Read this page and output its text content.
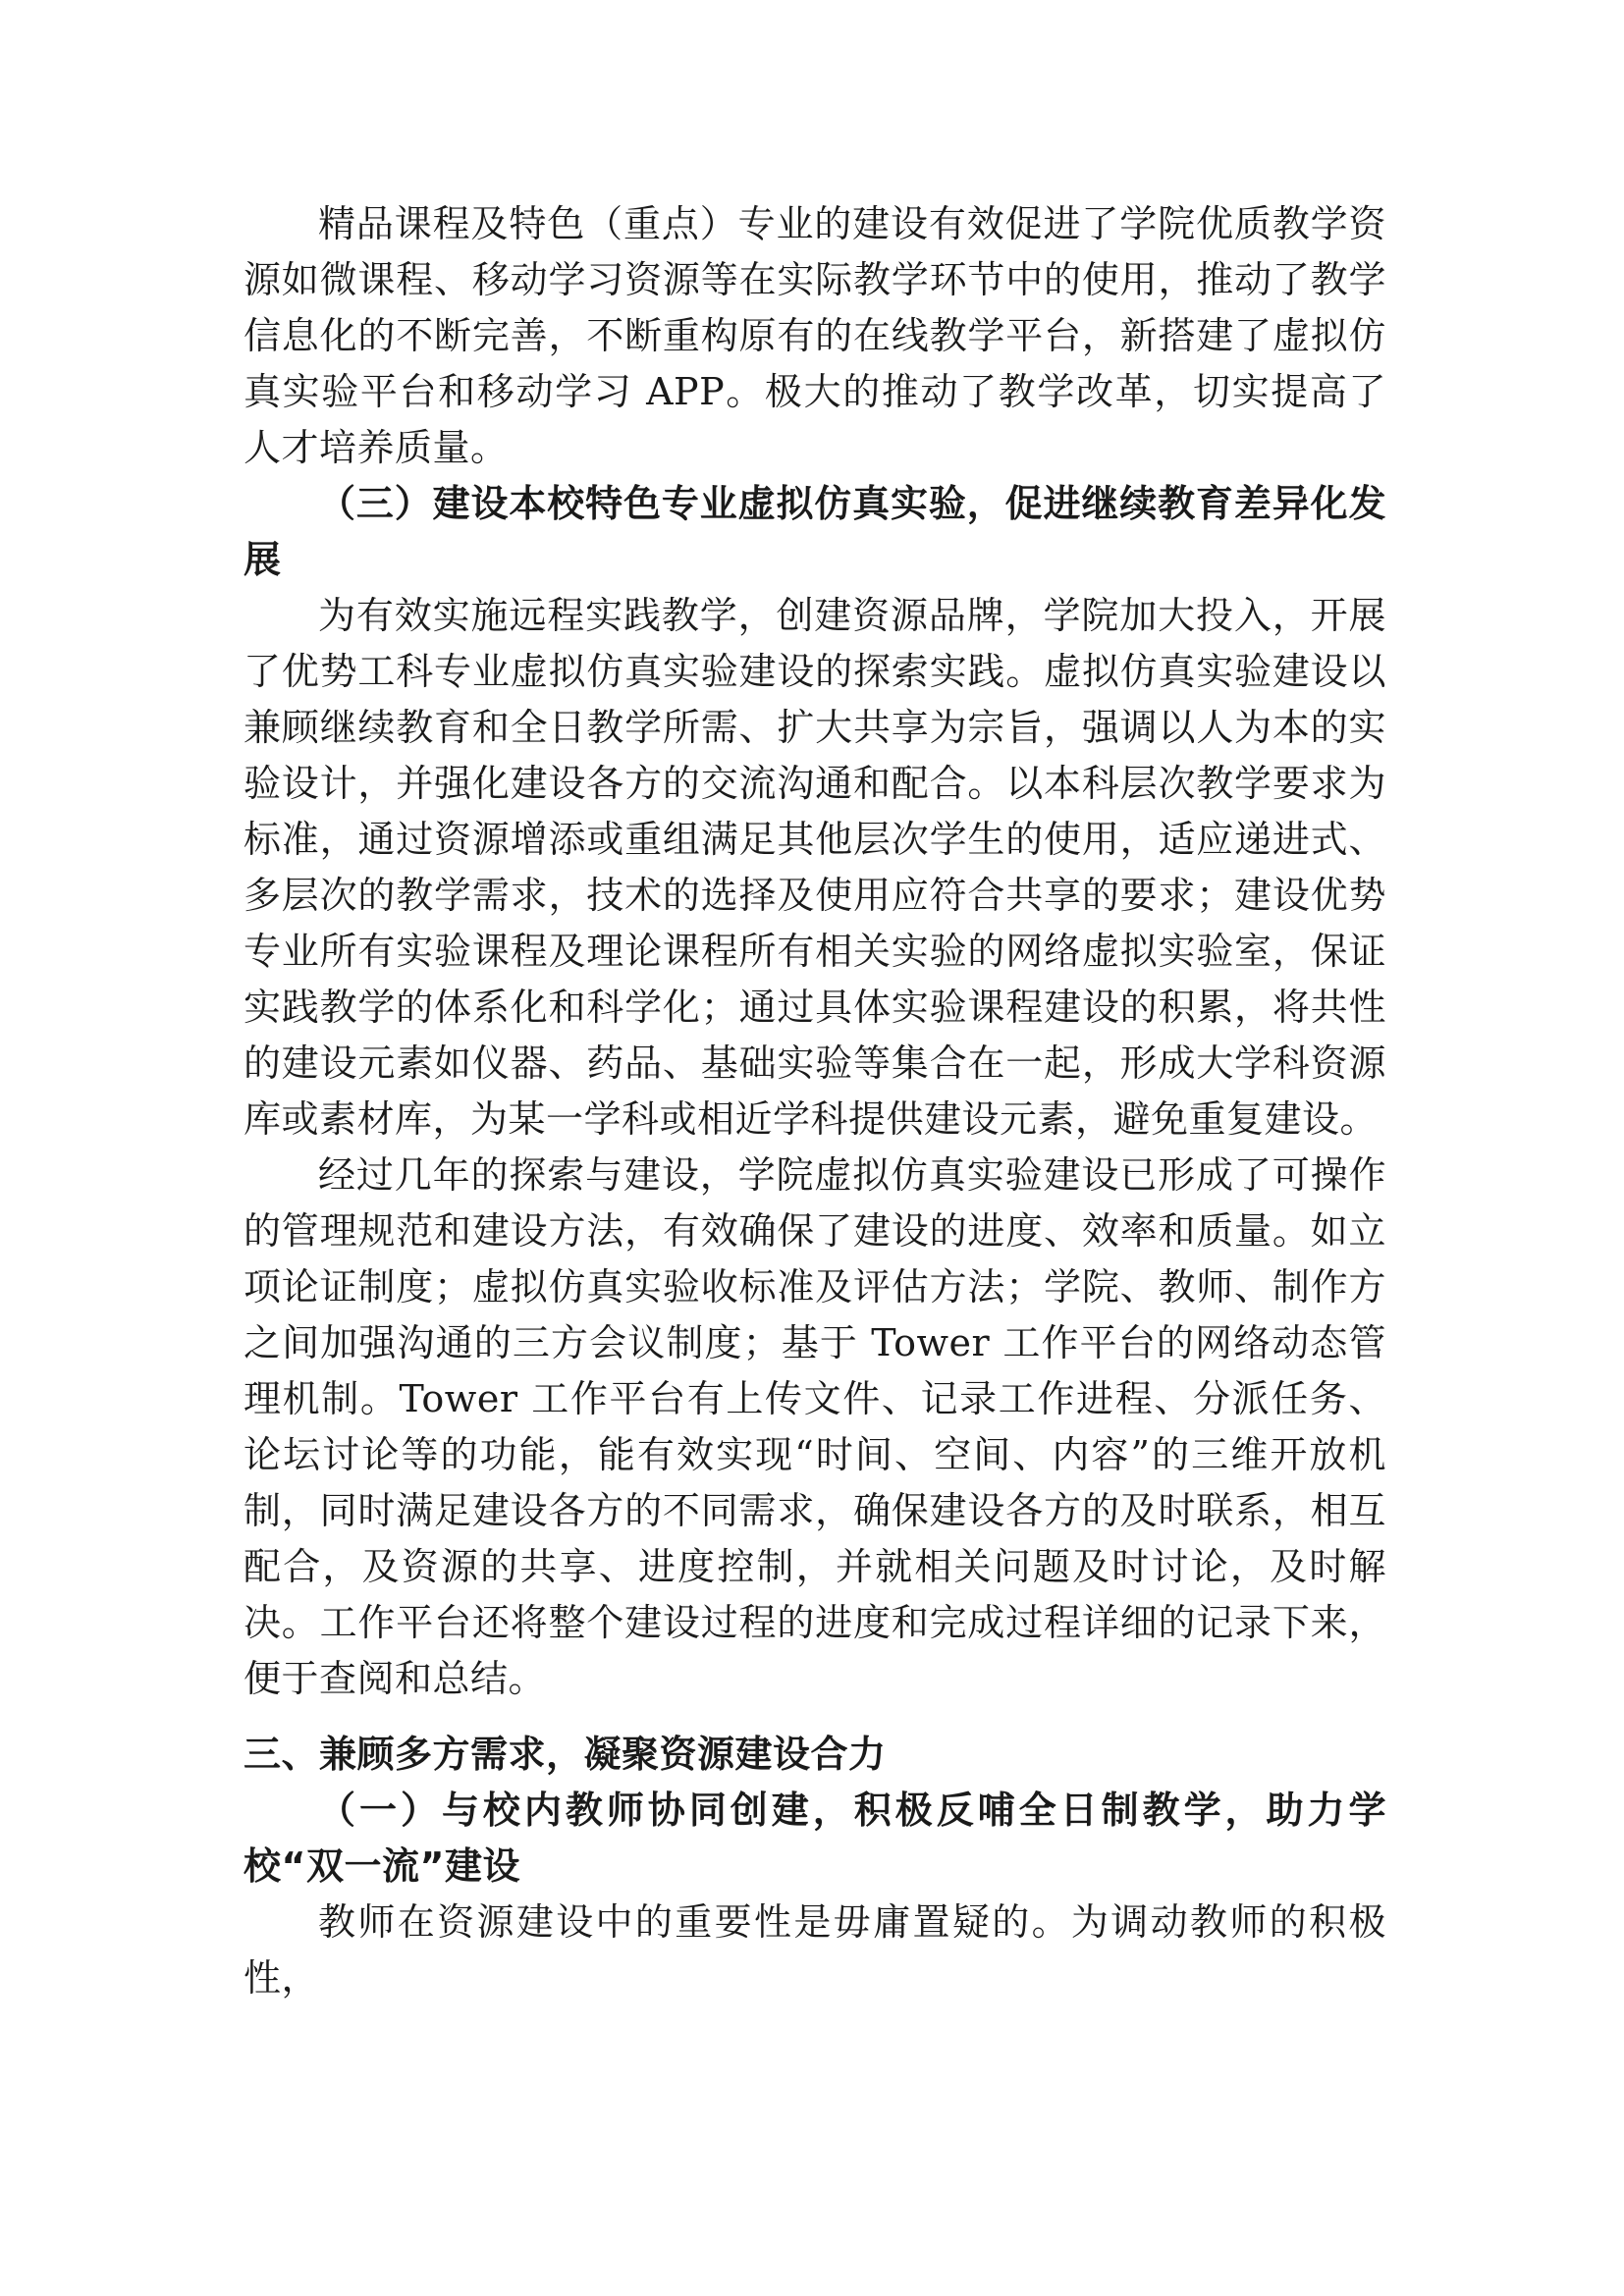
精品课程及特色（重点）专业的建设有效促进了学院优质教学资源如微课程、移动学习资源等在实际教学环节中的使用，推动了教学信息化的不断完善，不断重构原有的在线教学平台，新搭建了虚拟仿真实验平台和移动学习 APP。极大的推动了教学改革，切实提高了人才培养质量。

（三）建设本校特色专业虚拟仿真实验，促进继续教育差异化发展

为有效实施远程实践教学，创建资源品牌，学院加大投入，开展了优势工科专业虚拟仿真实验建设的探索实践。虚拟仿真实验建设以兼顾继续教育和全日教学所需、扩大共享为宗旨，强调以人为本的实验设计，并强化建设各方的交流沟通和配合。以本科层次教学要求为标准，通过资源增添或重组满足其他层次学生的使用，适应递进式、多层次的教学需求，技术的选择及使用应符合共享的要求；建设优势专业所有实验课程及理论课程所有相关实验的网络虚拟实验室，保证实践教学的体系化和科学化；通过具体实验课程建设的积累，将共性的建设元素如仪器、药品、基础实验等集合在一起，形成大学科资源库或素材库，为某一学科或相近学科提供建设元素，避免重复建设。

经过几年的探索与建设，学院虚拟仿真实验建设已形成了可操作的管理规范和建设方法，有效确保了建设的进度、效率和质量。如立项论证制度；虚拟仿真实验收标准及评估方法；学院、教师、制作方之间加强沟通的三方会议制度；基于 Tower 工作平台的网络动态管理机制。Tower 工作平台有上传文件、记录工作进程、分派任务、论坛讨论等的功能，能有效实现“时间、空间、内容”的三维开放机制，同时满足建设各方的不同需求，确保建设各方的及时联系，相互配合，及资源的共享、进度控制，并就相关问题及时讨论，及时解决。工作平台还将整个建设过程的进度和完成过程详细的记录下来，便于查阅和总结。

三、兼顾多方需求，凝聚资源建设合力

（一）与校内教师协同创建，积极反哺全日制教学，助力学校“双一流”建设

教师在资源建设中的重要性是毋庸置疑的。为调动教师的积极性，
